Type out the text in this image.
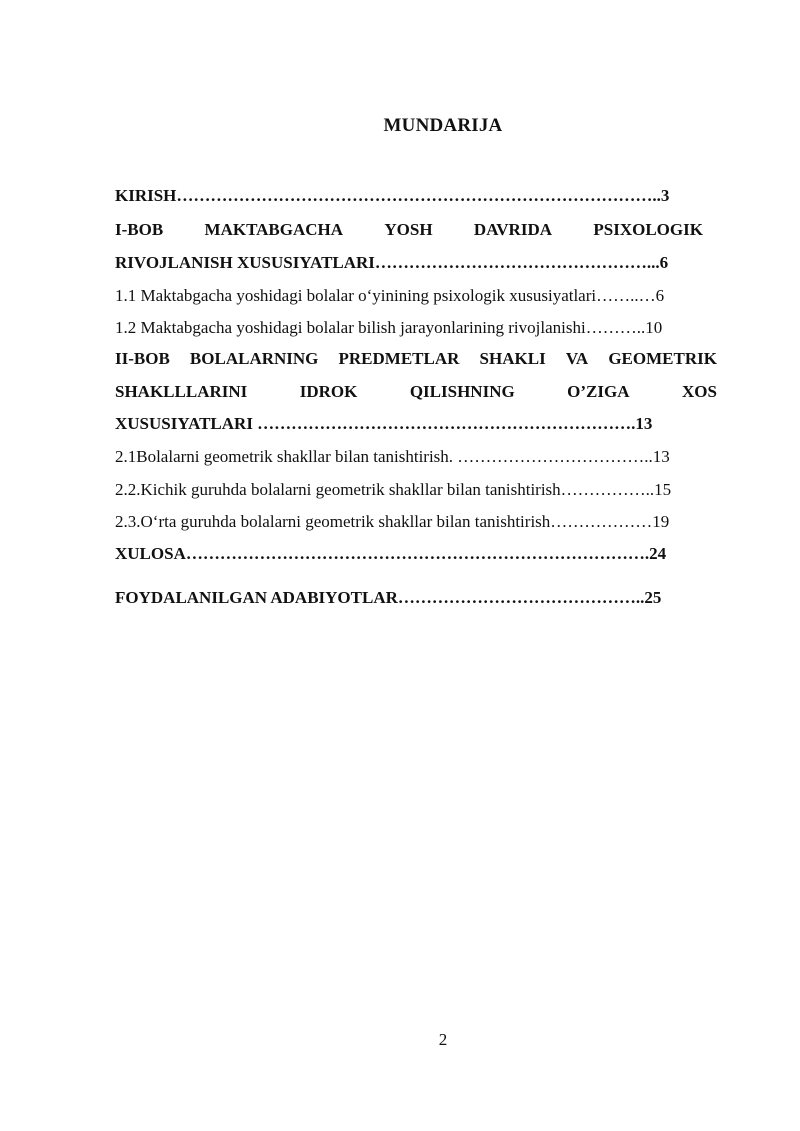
MUNDARIJA
KIRISH…………………………………………………………………………..3
I-BOB MAKTABGACHA YOSH DAVRIDA PSIXOLOGIK
RIVOJLANISH XUSUSIYATLARI…………………………………………...6
1.1 Maktabgacha yoshidagi bolalar o‘yinining psixologik xususiyatlari……..…6
1.2 Maktabgacha yoshidagi bolalar bilish jarayonlarining rivojlanishi………..10
II-BOB BOLALARNING PREDMETLAR SHAKLI VA GEOMETRIK
SHAKLLLARINI	IDROK	QILISHNING	O’ZIGA	XOS
XUSUSIYATLARI ………………………………………………………….13
2.1Bolalarni geometrik shakllar bilan tanishtirish. ……………………………..13
2.2.Kichik guruhda bolalarni geometrik shakllar bilan tanishtirish……………..15
2.3.O‘rta guruhda bolalarni geometrik shakllar bilan tanishtirish………………19
XULOSA……………………………………………………………………….24
FOYDALANILGAN ADABIYOTLAR……………………………………..25
2
